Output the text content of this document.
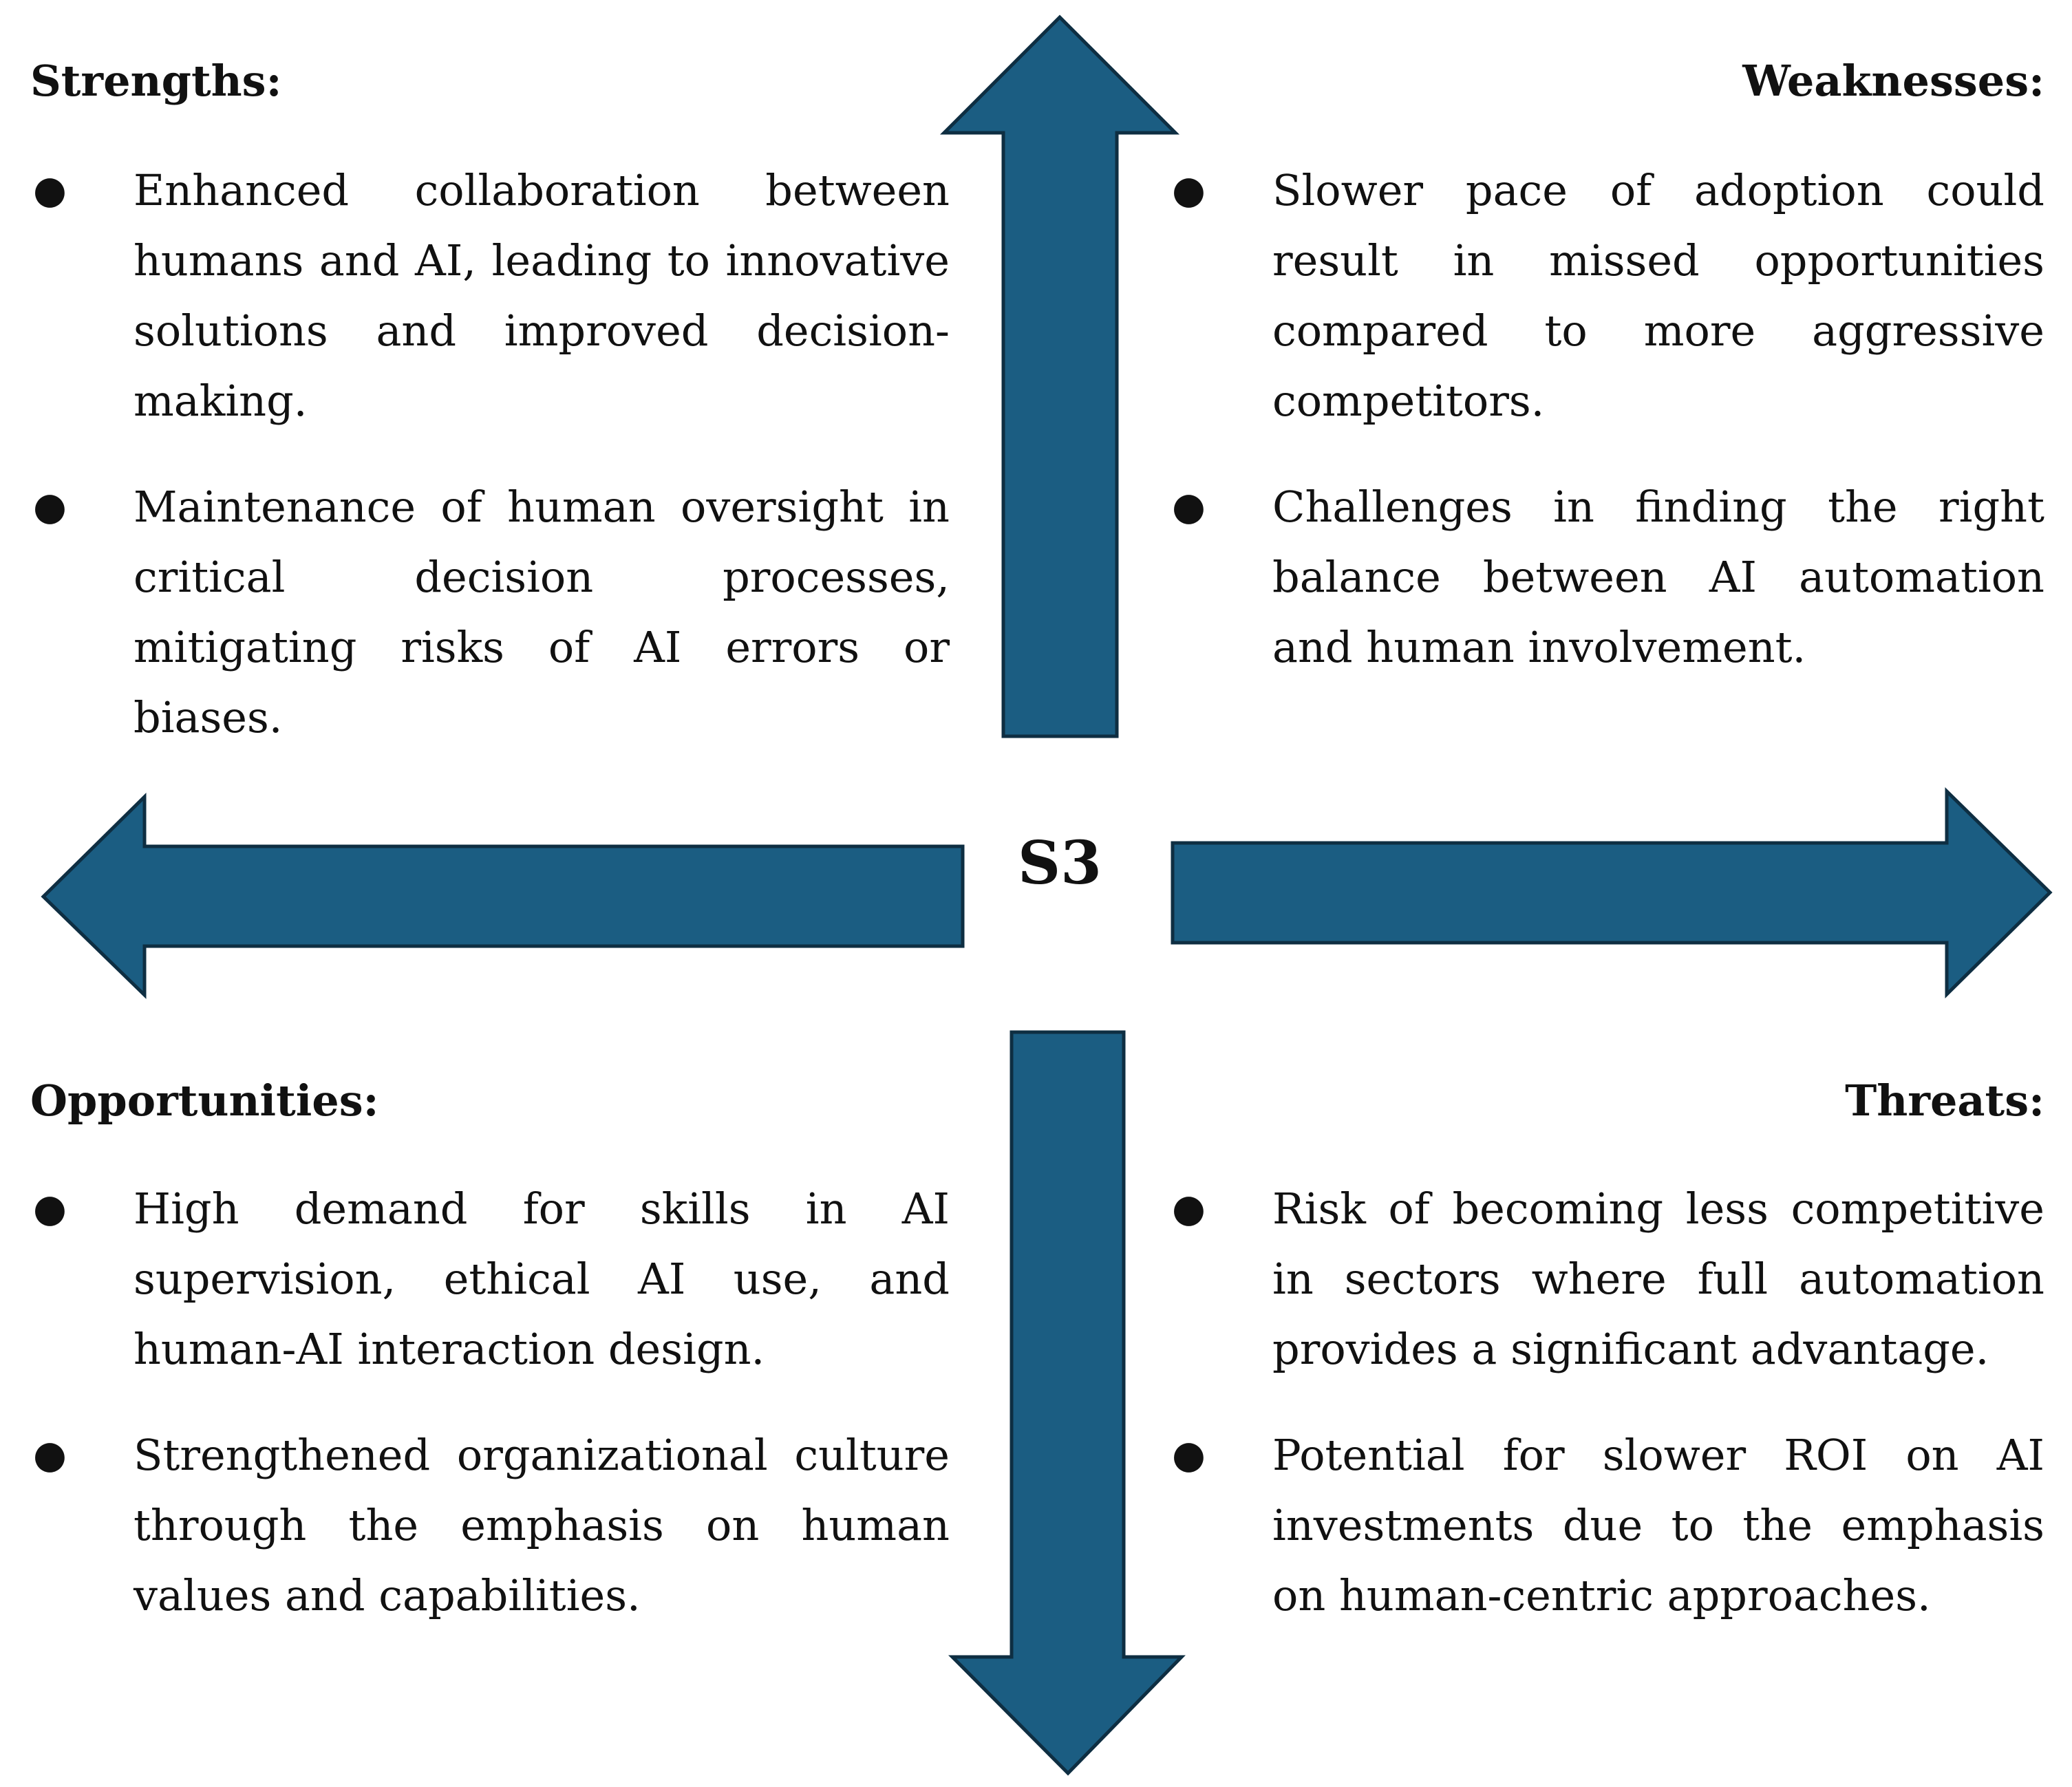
S3
Strengths:
● Enhanced collaboration between humans and AI, leading to innovative solutions and improved decision-making.
● Maintenance of human oversight in critical decision processes, mitigating risks of AI errors or biases.
Weaknesses:
● Slower pace of adoption could result in missed opportunities compared to more aggressive competitors.
● Challenges in finding the right balance between AI automation and human involvement.
Opportunities:
● High demand for skills in AI supervision, ethical AI use, and human-AI interaction design.
● Strengthened organizational culture through the emphasis on human values and capabilities.
Threats:
● Risk of becoming less competitive in sectors where full automation provides a significant advantage.
● Potential for slower ROI on AI investments due to the emphasis on human-centric approaches.
